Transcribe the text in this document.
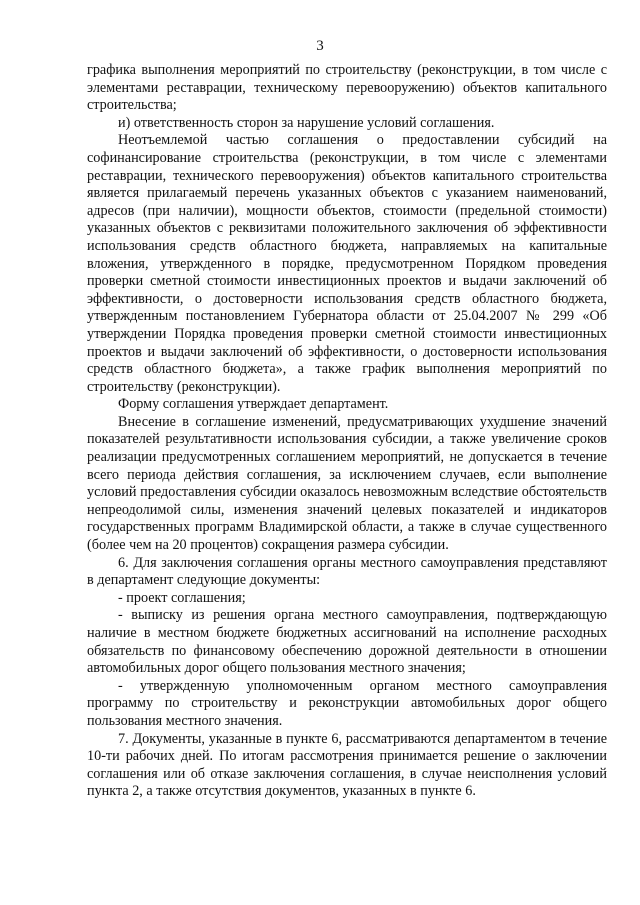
3

графика выполнения мероприятий по строительству (реконструкции, в том числе с элементами реставрации, техническому перевооружению) объектов капитального строительства;

и) ответственность сторон за нарушение условий соглашения.

Неотъемлемой частью соглашения о предоставлении субсидий на софинансирование строительства (реконструкции, в том числе с элементами реставрации, технического перевооружения) объектов капитального строительства является прилагаемый перечень указанных объектов с указанием наименований, адресов (при наличии), мощности объектов, стоимости (предельной стоимости) указанных объектов с реквизитами положительного заключения об эффективности использования средств областного бюджета, направляемых на капитальные вложения, утвержденного в порядке, предусмотренном Порядком проведения проверки сметной стоимости инвестиционных проектов и выдачи заключений об эффективности, о достоверности использования средств областного бюджета, утвержденным постановлением Губернатора области от 25.04.2007 № 299 «Об утверждении Порядка проведения проверки сметной стоимости инвестиционных проектов и выдачи заключений об эффективности, о достоверности использования средств областного бюджета», а также график выполнения мероприятий по строительству (реконструкции).

Форму соглашения утверждает департамент.

Внесение в соглашение изменений, предусматривающих ухудшение значений показателей результативности использования субсидии, а также увеличение сроков реализации предусмотренных соглашением мероприятий, не допускается в течение всего периода действия соглашения, за исключением случаев, если выполнение условий предоставления субсидии оказалось невозможным вследствие обстоятельств непреодолимой силы, изменения значений целевых показателей и индикаторов государственных программ Владимирской области, а также в случае существенного (более чем на 20 процентов) сокращения размера субсидии.

6. Для заключения соглашения органы местного самоуправления представляют в департамент следующие документы:

- проект соглашения;

- выписку из решения органа местного самоуправления, подтверждающую наличие в местном бюджете бюджетных ассигнований на исполнение расходных обязательств по финансовому обеспечению дорожной деятельности в отношении автомобильных дорог общего пользования местного значения;

- утвержденную уполномоченным органом местного самоуправления программу по строительству и реконструкции автомобильных дорог общего пользования местного значения.

7. Документы, указанные в пункте 6, рассматриваются департаментом в течение 10-ти рабочих дней. По итогам рассмотрения принимается решение о заключении соглашения или об отказе заключения соглашения, в случае неисполнения условий пункта 2, а также отсутствия документов, указанных в пункте 6.
